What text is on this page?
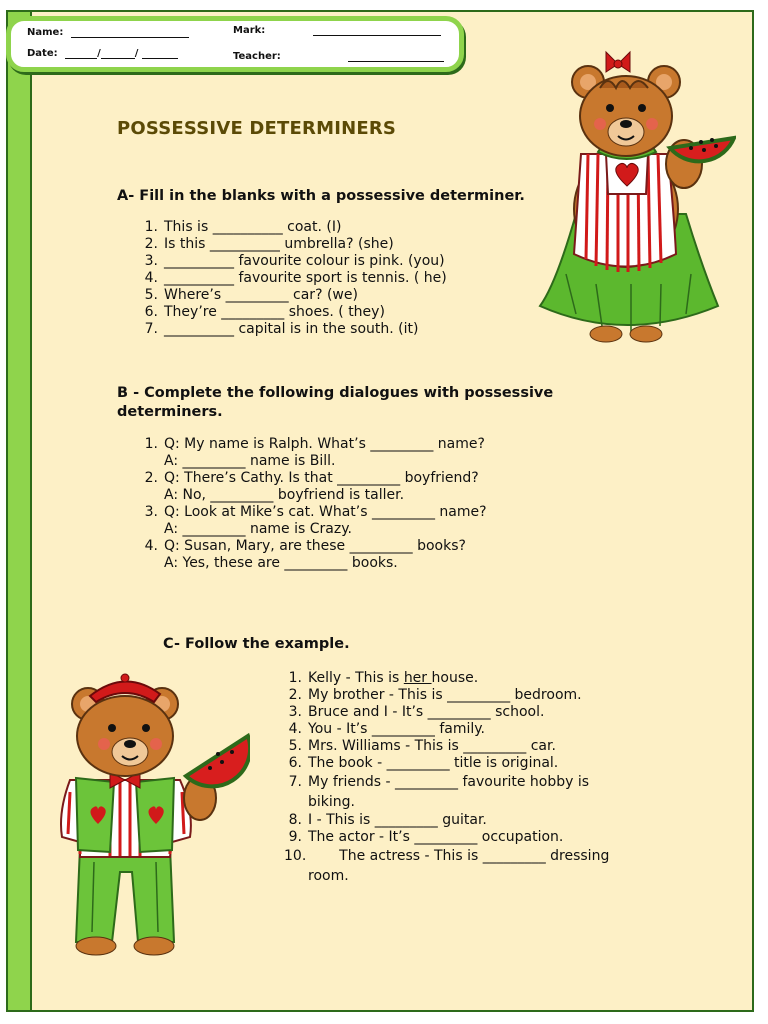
Name:
Date:	/	/
Mark:
Teacher:
POSSESSIVE DETERMINERS
A- Fill in the blanks with a possessive determiner.
1. This is __________ coat. (I)
2. Is this __________ umbrella? (she)
3. __________ favourite colour is pink. (you)
4. __________ favourite sport is tennis. ( he)
5. Where’s _________ car? (we)
6. They’re _________ shoes. ( they)
7. __________ capital is in the south. (it)
B - Complete the following dialogues with possessive
determiners.
1. Q: My name is Ralph. What’s _________ name?
A: _________ name is Bill.
2. Q: There’s Cathy. Is that _________ boyfriend?
A: No, _________ boyfriend is taller.
3. Q: Look at Mike’s cat. What’s _________ name?
A: _________ name is Crazy.
4. Q: Susan, Mary, are these _________ books?
A: Yes, these are _________ books.
C- Follow the example.
1. Kelly - This is her house.
2. My brother - This is _________ bedroom.
3. Bruce and I - It’s _________ school.
4. You - It’s _________ family.
5. Mrs. Williams - This is _________ car.
6. The book - _________ title is original.
7. My friends - _________ favourite hobby is
biking.
8. I - This is _________ guitar.
9. The actor - It’s _________ occupation.
10. The actress - This is _________ dressing
room.
